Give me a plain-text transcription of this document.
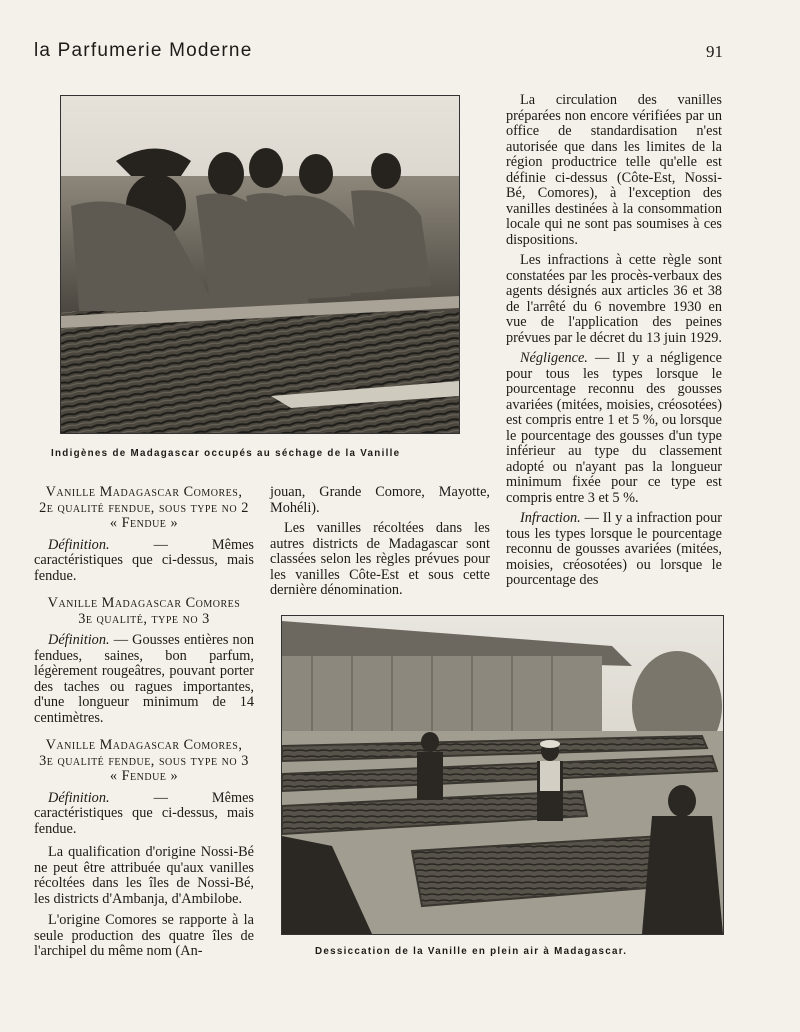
la Parfumerie Moderne	91
Indigènes de Madagascar occupés au séchage de la Vanille

La circulation des vanilles préparées non encore vérifiées par un office de standardisation n'est autorisée que dans les limites de la région productrice telle qu'elle est définie ci-dessus (Côte-Est, Nossi-Bé, Comores), à l'exception des vanilles destinées à la consommation locale qui ne sont pas soumises à ces dispositions.

Les infractions à cette règle sont constatées par les procès-verbaux des agents désignés aux articles 36 et 38 de l'arrêté du 6 novembre 1930 en vue de l'application des peines prévues par le décret du 13 juin 1929.

Négligence. — Il y a négligence pour tous les types lorsque le pourcentage reconnu des gousses avariées (mitées, moisies, créosotées) est compris entre 1 et 5 %, ou lorsque le pourcentage des gousses d'un type inférieur au type du classement adopté ou n'ayant pas la longueur minimum fixée pour ce type est compris entre 3 et 5 %.

Infraction. — Il y a infraction pour tous les types lorsque le pourcentage reconnu de gousses avariées (mitées, moisies, créosotées) ou lorsque le pourcentage des

Vanille Madagascar Comores,
2e qualité fendue, sous type no 2
« Fendue »

Définition. — Mêmes caractéristiques que ci-dessus, mais fendue.

Vanille Madagascar Comores
3e qualité, type no 3

Définition. — Gousses entières non fendues, saines, bon parfum, légèrement rougeâtres, pouvant porter des taches ou ragues importantes, d'une longueur minimum de 14 centimètres.

Vanille Madagascar Comores,
3e qualité fendue, sous type no 3
« Fendue »

Définition. — Mêmes caractéristiques que ci-dessus, mais fendue.

La qualification d'origine Nossi-Bé ne peut être attribuée qu'aux vanilles récoltées dans les îles de Nossi-Bé, les districts d'Ambanja, d'Ambilobe.

L'origine Comores se rapporte à la seule production des quatre îles de l'archipel du même nom (An-

jouan, Grande Comore, Mayotte, Mohéli).

Les vanilles récoltées dans les autres districts de Madagascar sont classées selon les règles prévues pour les vanilles Côte-Est et sous cette dernière dénomination.

Dessiccation de la Vanille en plein air à Madagascar.
